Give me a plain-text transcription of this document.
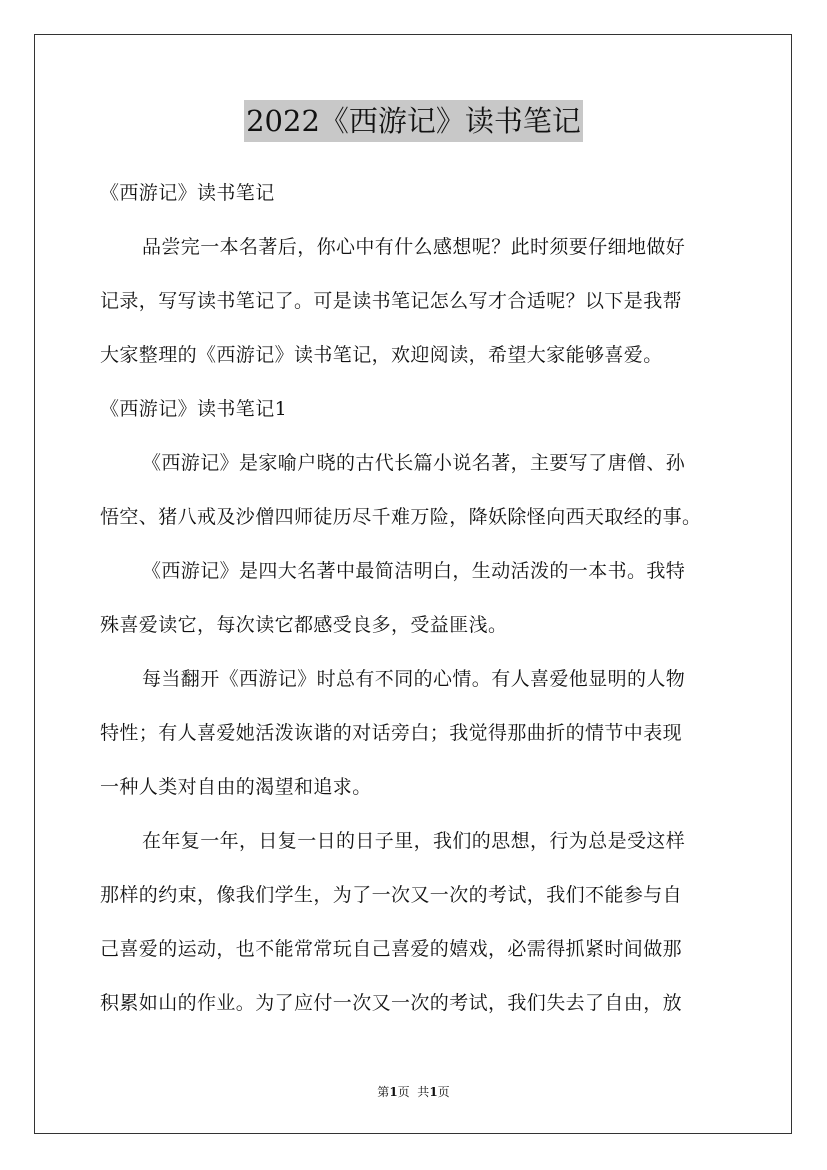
2022《西游记》读书笔记
《西游记》读书笔记
品尝完一本名著后，你心中有什么感想呢？此时须要仔细地做好
记录，写写读书笔记了。可是读书笔记怎么写才合适呢？以下是我帮
大家整理的《西游记》读书笔记，欢迎阅读，希望大家能够喜爱。
《西游记》读书笔记1
《西游记》是家喻户晓的古代长篇小说名著，主要写了唐僧、孙
悟空、猪八戒及沙僧四师徒历尽千难万险，降妖除怪向西天取经的事。
《西游记》是四大名著中最简洁明白，生动活泼的一本书。我特
殊喜爱读它，每次读它都感受良多，受益匪浅。
每当翻开《西游记》时总有不同的心情。有人喜爱他显明的人物
特性；有人喜爱她活泼诙谐的对话旁白；我觉得那曲折的情节中表现
一种人类对自由的渴望和追求。
在年复一年，日复一日的日子里，我们的思想，行为总是受这样
那样的约束，像我们学生，为了一次又一次的考试，我们不能参与自
己喜爱的运动，也不能常常玩自己喜爱的嬉戏，必需得抓紧时间做那
积累如山的作业。为了应付一次又一次的考试，我们失去了自由，放
第1页  共1页
